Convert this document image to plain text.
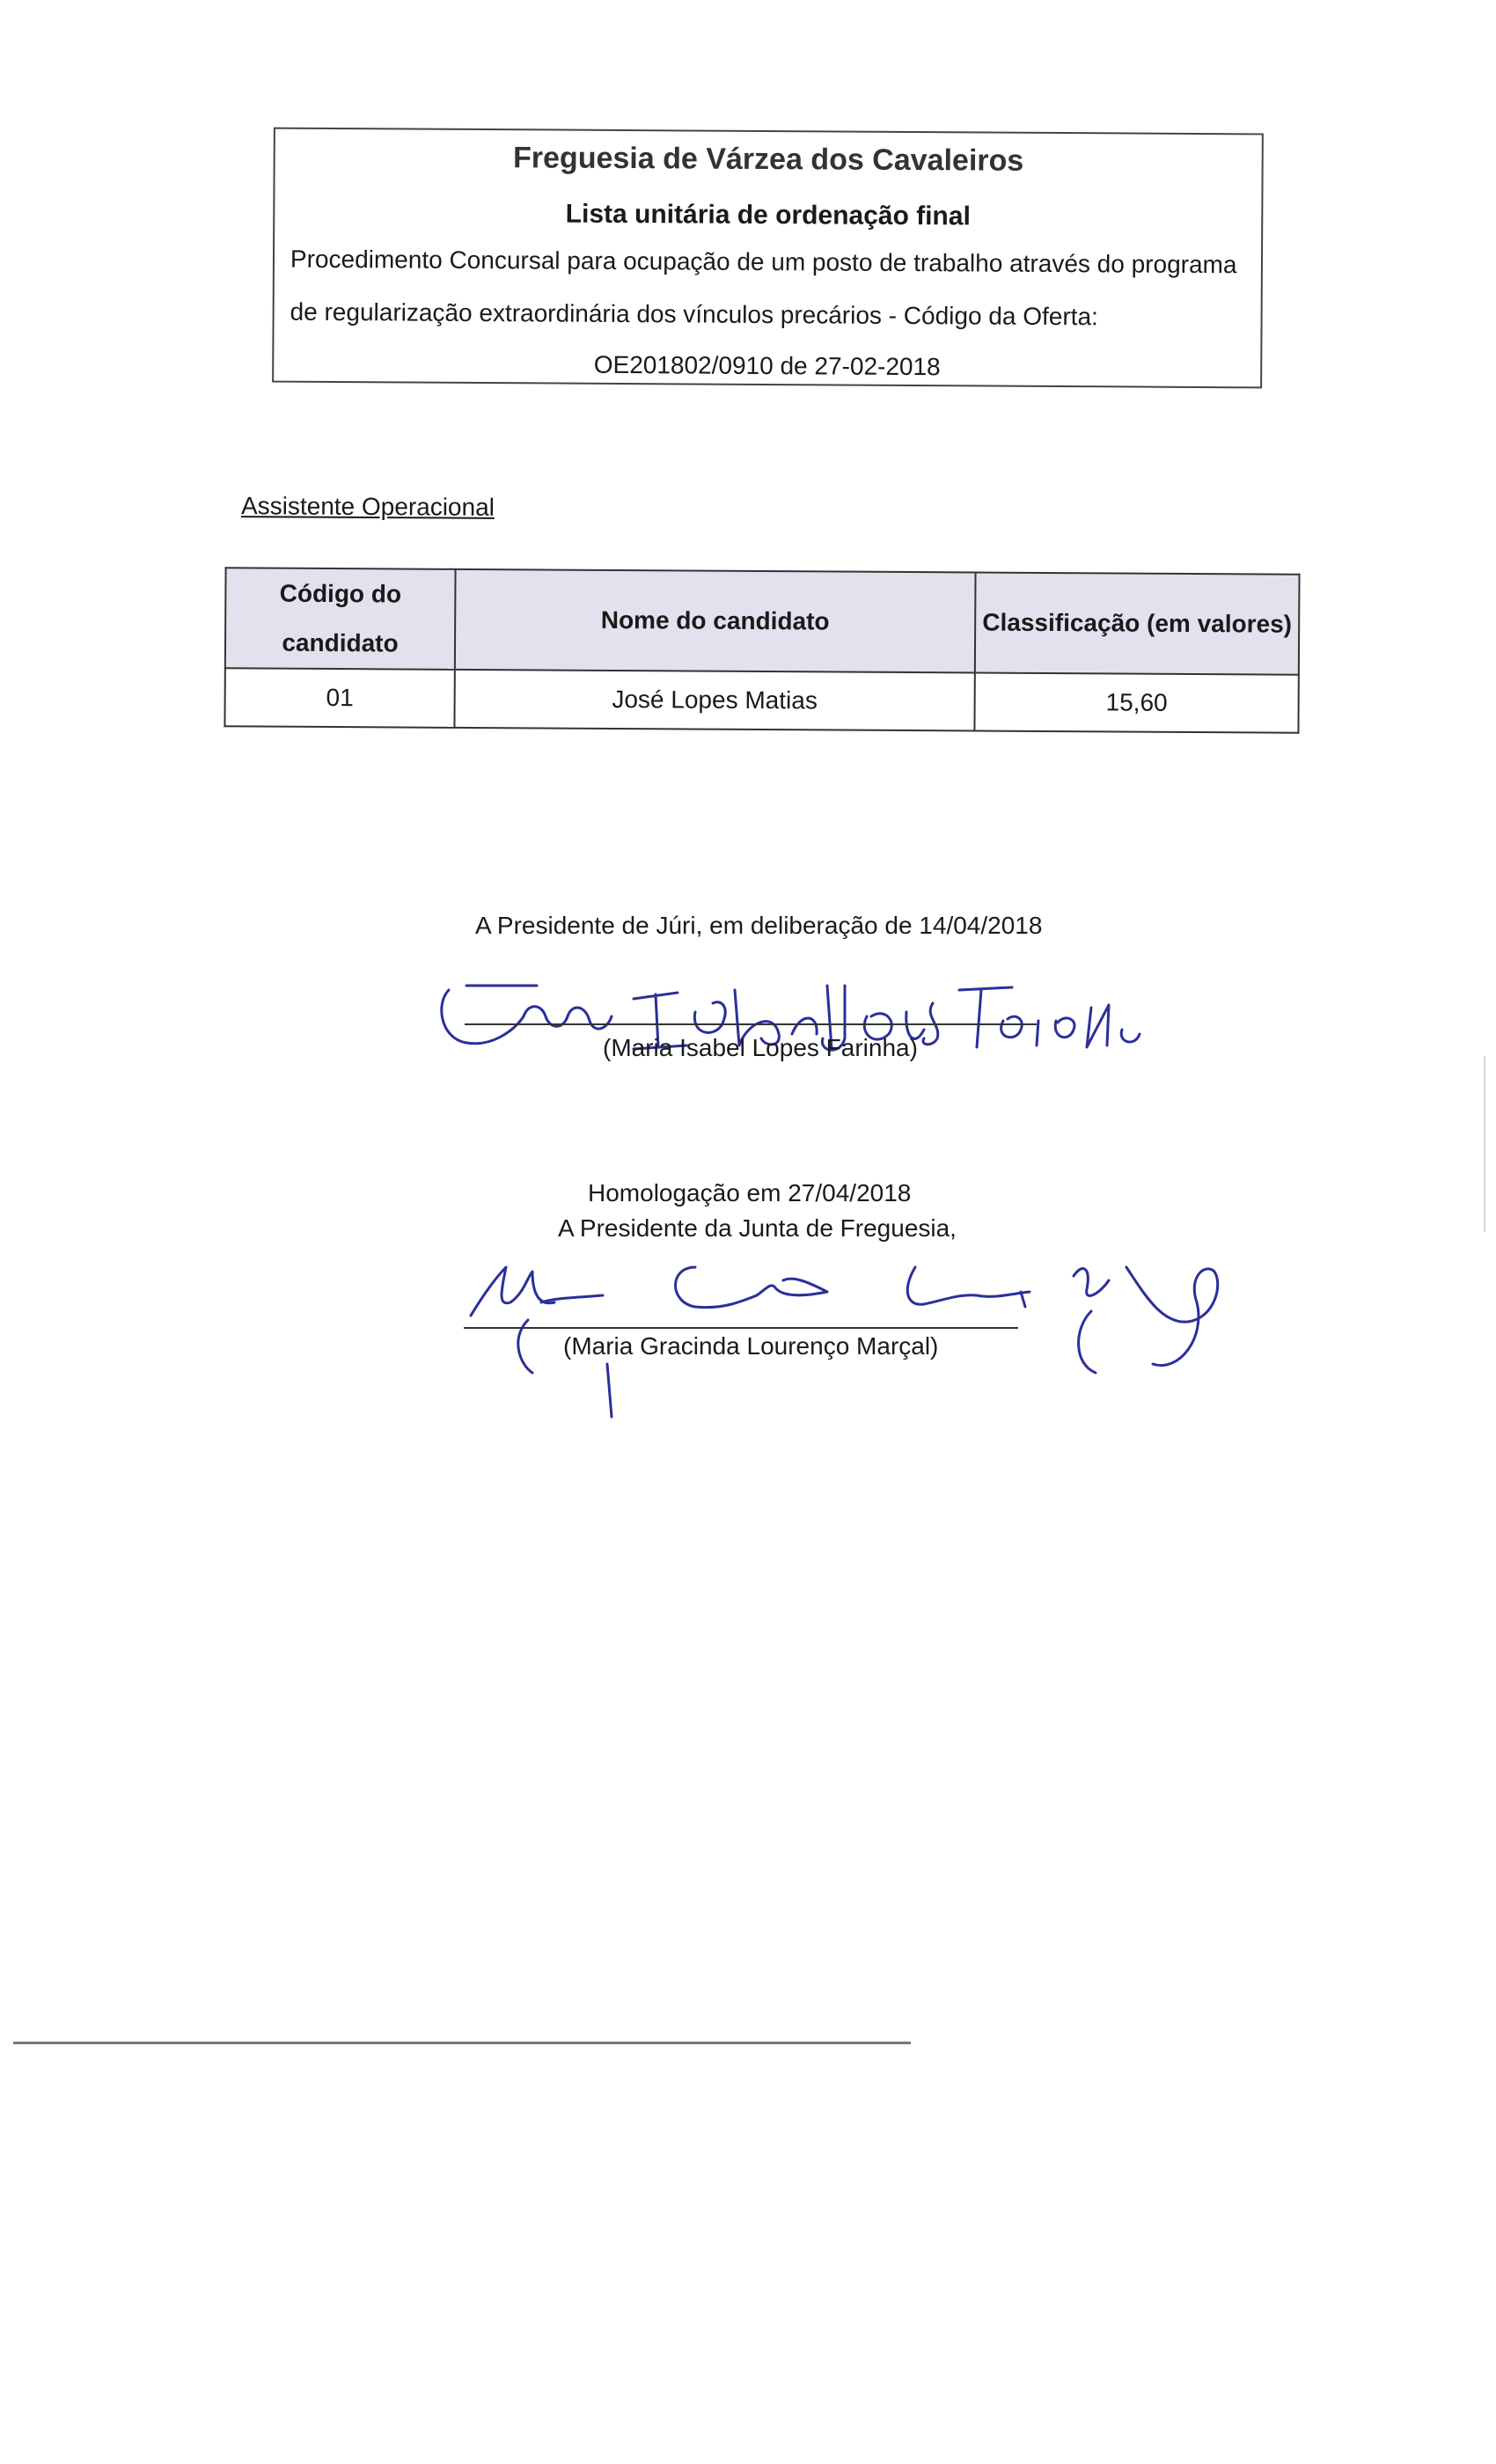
Freguesia de Várzea dos Cavaleiros
Lista unitária de ordenação final
Procedimento Concursal para ocupação de um posto de trabalho através do programa
de regularização extraordinária dos vínculos precários - Código da Oferta:
OE201802/0910 de 27-02-2018
Assistente Operacional
Código do candidato	Nome do candidato	Classificação (em valores)
01	José Lopes Matias	15,60
A Presidente de Júri, em deliberação de 14/04/2018
(Maria Isabel Lopes Farinha)
Homologação em 27/04/2018
A Presidente da Junta de Freguesia,
(Maria Gracinda Lourenço Marçal)
